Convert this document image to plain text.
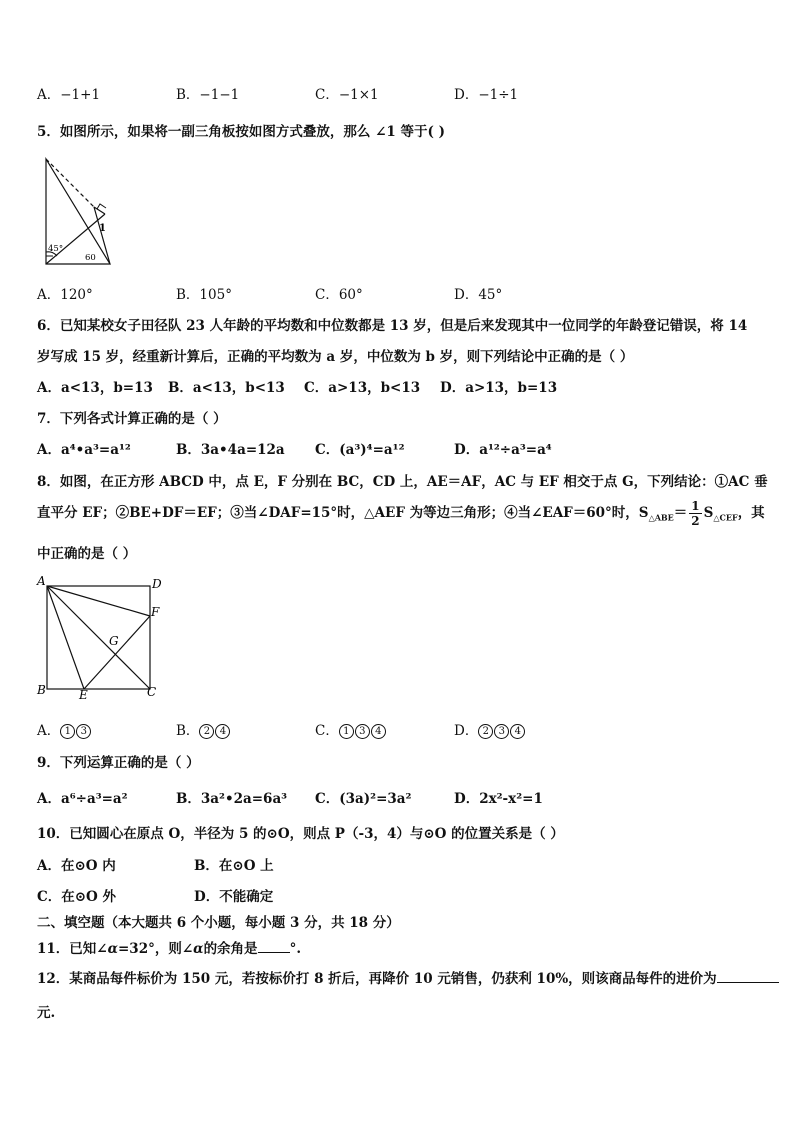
A．−1+1	B．−1−1	C．−1×1	D．−1÷1
5．如图所示，如果将一副三角板按如图方式叠放，那么 ∠1 等于( )
45°
60
1
A．120°	B．105°	C．60°	D．45°
6．已知某校女子田径队 23 人年龄的平均数和中位数都是 13 岁，但是后来发现其中一位同学的年龄登记错误，将 14
岁写成 15 岁，经重新计算后，正确的平均数为 a 岁，中位数为 b 岁，则下列结论中正确的是（ ）
A．a<13，b=13 B．a<13，b<13 C．a>13，b<13 D．a>13，b=13
7．下列各式计算正确的是（ ）
A．a⁴•a³=a¹²	B．3a•4a=12a C．(a³)⁴=a¹²	D．a¹²÷a³=a⁴
8．如图，在正方形 ABCD 中，点 E，F 分别在 BC，CD 上，AE＝AF，AC 与 EF 相交于点 G，下列结论：①AC 垂
直平分 EF；②BE+DF＝EF；③当∠DAF=15°时，△AEF 为等边三角形；④当∠EAF＝60°时，$S_{\triangle ABE}= \frac{1}{2} S_{\triangle CEF}$，其
中正确的是（ ）
A	D
F
G
B	E	C
A． 1 3	B． 2 4	C． 1 3 4	D． 2 3 4
9．下列运算正确的是（ ）
A．a⁶÷a³=a²	B．3a²•2a=6a³ C．(3a)²=3a²	D．2x²-x²=1
10．已知圆心在原点 O，半径为 5 的⊙O，则点 P（-3，4）与⊙O 的位置关系是（ ）
A．在⊙O 内	B．在⊙O 上
C．在⊙O 外	D．不能确定
二、填空题（本大题共 6 个小题，每小题 3 分，共 18 分）
11．已知∠α=32°，则∠α的余角是 °.
12．某商品每件标价为 150 元，若按标价打 8 折后，再降价 10 元销售，仍获利 10%，则该商品每件的进价为
元.
